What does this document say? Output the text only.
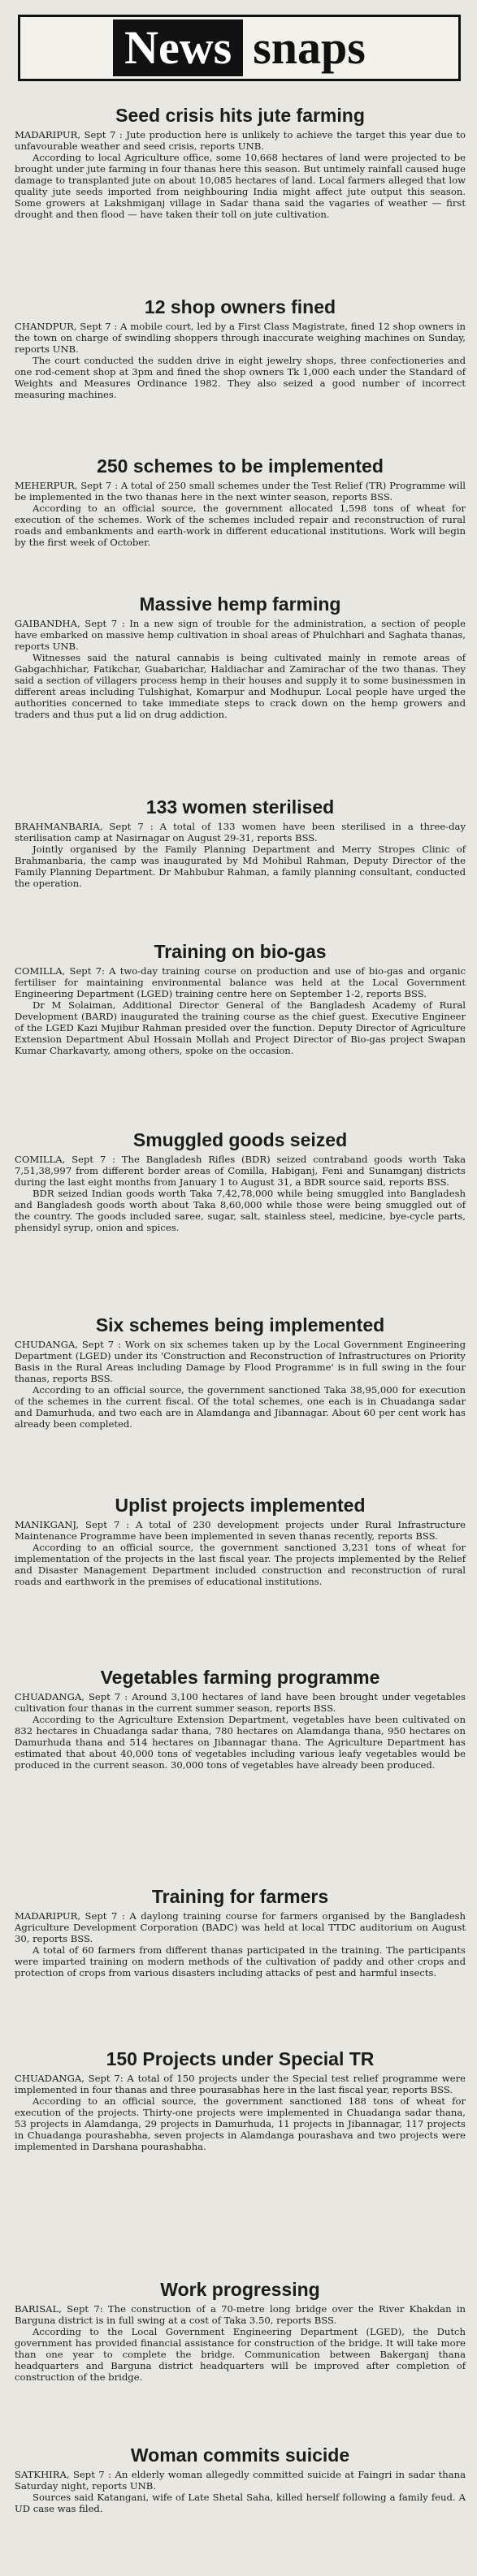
News snaps
Seed crisis hits jute farming

MADARIPUR, Sept 7 : Jute production here is unlikely to achieve the target this year due to unfavourable weather and seed crisis, reports UNB.

According to local Agriculture office, some 10,668 hectares of land were projected to be brought under jute farming in four thanas here this season. But untimely rainfall caused huge damage to transplanted jute on about 10,085 hectares of land. Local farmers alleged that low quality jute seeds imported from neighbouring India might affect jute output this season. Some growers at Lakshmiganj village in Sadar thana said the vagaries of weather — first drought and then flood — have taken their toll on jute cultivation.

12 shop owners fined

CHANDPUR, Sept 7 : A mobile court, led by a First Class Magistrate, fined 12 shop owners in the town on charge of swindling shoppers through inaccurate weighing machines on Sunday, reports UNB.

The court conducted the sudden drive in eight jewelry shops, three confectioneries and one rod-cement shop at 3pm and fined the shop owners Tk 1,000 each under the Standard of Weights and Measures Ordinance 1982. They also seized a good number of incorrect measuring machines.

250 schemes to be implemented

MEHERPUR, Sept 7 : A total of 250 small schemes under the Test Relief (TR) Programme will be implemented in the two thanas here in the next winter season, reports BSS.

According to an official source, the government allocated 1,598 tons of wheat for execution of the schemes. Work of the schemes included repair and reconstruction of rural roads and embankments and earth-work in different educational institutions. Work will begin by the first week of October.

Massive hemp farming

GAIBANDHA, Sept 7 : In a new sign of trouble for the administration, a section of people have embarked on massive hemp cultivation in shoal areas of Phulchhari and Saghata thanas, reports UNB.

Witnesses said the natural cannabis is being cultivated mainly in remote areas of Gabgachhichar, Fatikchar, Guabarichar, Haldiachar and Zamirachar of the two thanas. They said a section of villagers process hemp in their houses and supply it to some businessmen in different areas including Tulshighat, Komarpur and Modhupur. Local people have urged the authorities concerned to take immediate steps to crack down on the hemp growers and traders and thus put a lid on drug addiction.

133 women sterilised

BRAHMANBARIA, Sept 7 : A total of 133 women have been sterilised in a three-day sterilisation camp at Nasirnagar on August 29-31, reports BSS.

Jointly organised by the Family Planning Department and Merry Stropes Clinic of Brahmanbaria, the camp was inaugurated by Md Mohibul Rahman, Deputy Director of the Family Planning Department. Dr Mahbubur Rahman, a family planning consultant, conducted the operation.

Training on bio-gas

COMILLA, Sept 7: A two-day training course on production and use of bio-gas and organic fertiliser for maintaining environmental balance was held at the Local Government Engineering Department (LGED) training centre here on September 1-2, reports BSS.

Dr M Solaiman, Additional Director General of the Bangladesh Academy of Rural Development (BARD) inaugurated the training course as the chief guest. Executive Engineer of the LGED Kazi Mujibur Rahman presided over the function. Deputy Director of Agriculture Extension Department Abul Hossain Mollah and Project Director of Bio-gas project Swapan Kumar Charkavarty, among others, spoke on the occasion.

Smuggled goods seized

COMILLA, Sept 7 : The Bangladesh Rifles (BDR) seized contraband goods worth Taka 7,51,38,997 from different border areas of Comilla, Habiganj, Feni and Sunamganj districts during the last eight months from January 1 to August 31, a BDR source said, reports BSS.

BDR seized Indian goods worth Taka 7,42,78,000 while being smuggled into Bangladesh and Bangladesh goods worth about Taka 8,60,000 while those were being smuggled out of the country. The goods included saree, sugar, salt, stainless steel, medicine, bye-cycle parts, phensidyl syrup, onion and spices.

Six schemes being implemented

CHUDANGA, Sept 7 : Work on six schemes taken up by the Local Government Engineering Department (LGED) under its 'Construction and Reconstruction of Infrastructures on Priority Basis in the Rural Areas including Damage by Flood Programme' is in full swing in the four thanas, reports BSS.

According to an official source, the government sanctioned Taka 38,95,000 for execution of the schemes in the current fiscal. Of the total schemes, one each is in Chuadanga sadar and Damurhuda, and two each are in Alamdanga and Jibannagar. About 60 per cent work has already been completed.

Uplist projects implemented

MANIKGANJ, Sept 7 : A total of 230 development projects under Rural Infrastructure Maintenance Programme have been implemented in seven thanas recently, reports BSS.

According to an official source, the government sanctioned 3,231 tons of wheat for implementation of the projects in the last fiscal year. The projects implemented by the Relief and Disaster Management Department included construction and reconstruction of rural roads and earthwork in the premises of educational institutions.

Vegetables farming programme

CHUADANGA, Sept 7 : Around 3,100 hectares of land have been brought under vegetables cultivation four thanas in the current summer season, reports BSS.

According to the Agriculture Extension Department, vegetables have been cultivated on 832 hectares in Chuadanga sadar thana, 780 hectares on Alamdanga thana, 950 hectares on Damurhuda thana and 514 hectares on Jibannagar thana. The Agriculture Department has estimated that about 40,000 tons of vegetables including various leafy vegetables would be produced in the current season. 30,000 tons of vegetables have already been produced.

Training for farmers

MADARIPUR, Sept 7 : A daylong training course for farmers organised by the Bangladesh Agriculture Development Corporation (BADC) was held at local TTDC auditorium on August 30, reports BSS.

A total of 60 farmers from different thanas participated in the training. The participants were imparted training on modern methods of the cultivation of paddy and other crops and protection of crops from various disasters including attacks of pest and harmful insects.

150 Projects under Special TR

CHUADANGA, Sept 7: A total of 150 projects under the Special test relief programme were implemented in four thanas and three pourasabhas here in the last fiscal year, reports BSS.

According to an official source, the government sanctioned 188 tons of wheat for execution of the projects. Thirty-one projects were implemented in Chuadanga sadar thana, 53 projects in Alamdanga, 29 projects in Damurhuda, 11 projects in Jibannagar, 117 projects in Chuadanga pourashabha, seven projects in Alamdanga pourashava and two projects were implemented in Darshana pourashabha.

Work progressing

BARISAL, Sept 7: The construction of a 70-metre long bridge over the River Khakdan in Barguna district is in full swing at a cost of Taka 3.50, reports BSS.

According to the Local Government Engineering Department (LGED), the Dutch government has provided financial assistance for construction of the bridge. It will take more than one year to complete the bridge. Communication between Bakerganj thana headquarters and Barguna district headquarters will be improved after completion of construction of the bridge.

Woman commits suicide

SATKHIRA, Sept 7 : An elderly woman allegedly committed suicide at Faingri in sadar thana Saturday night, reports UNB.

Sources said Katangani, wife of Late Shetal Saha, killed herself following a family feud. A UD case was filed.
